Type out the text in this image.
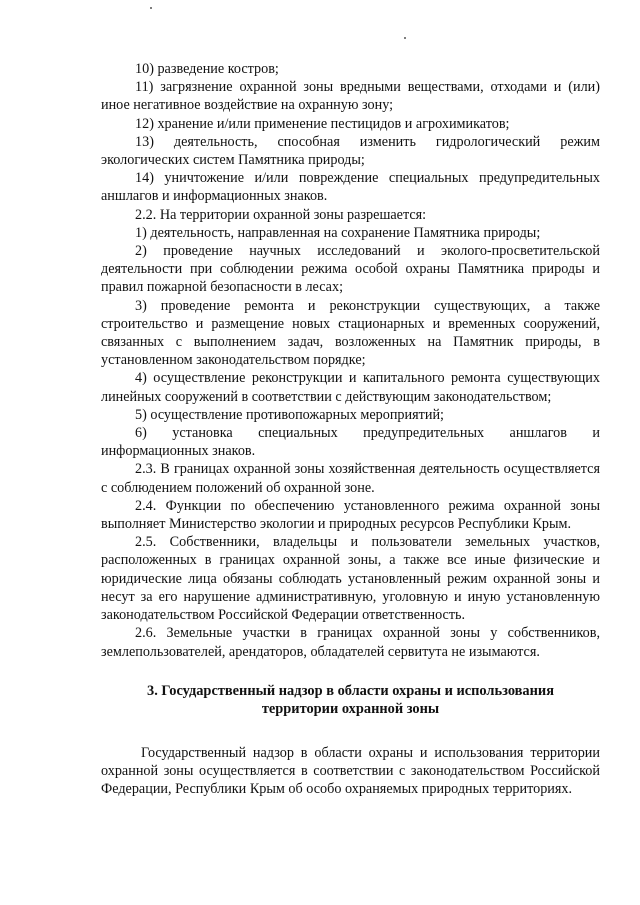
10) разведение костров;

11) загрязнение охранной зоны вредными веществами, отходами и (или) иное негативное воздействие на охранную зону;

12) хранение и/или применение пестицидов и агрохимикатов;

13) деятельность, способная изменить гидрологический режим экологических систем Памятника природы;

14) уничтожение и/или повреждение специальных предупредительных аншлагов и информационных знаков.

2.2. На территории охранной зоны разрешается:

1) деятельность, направленная на сохранение Памятника природы;

2) проведение научных исследований и эколого-просветительской деятельности при соблюдении режима особой охраны Памятника природы и правил пожарной безопасности в лесах;

3) проведение ремонта и реконструкции существующих, а также строительство и размещение новых стационарных и временных сооружений, связанных с выполнением задач, возложенных на Памятник природы, в установленном законодательством порядке;

4) осуществление реконструкции и капитального ремонта существующих линейных сооружений в соответствии с действующим законодательством;

5) осуществление противопожарных мероприятий;

6) установка специальных предупредительных аншлагов и информационных знаков.

2.3. В границах охранной зоны хозяйственная деятельность осуществляется с соблюдением положений об охранной зоне.

2.4. Функции по обеспечению установленного режима охранной зоны выполняет Министерство экологии и природных ресурсов Республики Крым.

2.5. Собственники, владельцы и пользователи земельных участков, расположенных в границах охранной зоны, а также все иные физические и юридические лица обязаны соблюдать установленный режим охранной зоны и несут за его нарушение административную, уголовную и иную установленную законодательством Российской Федерации ответственность.

2.6. Земельные участки в границах охранной зоны у собственников, землепользователей, арендаторов, обладателей сервитута не изымаются.

3. Государственный надзор в области охраны и использования территории охранной зоны

Государственный надзор в области охраны и использования территории охранной зоны осуществляется в соответствии с законодательством Российской Федерации, Республики Крым об особо охраняемых природных территориях.
